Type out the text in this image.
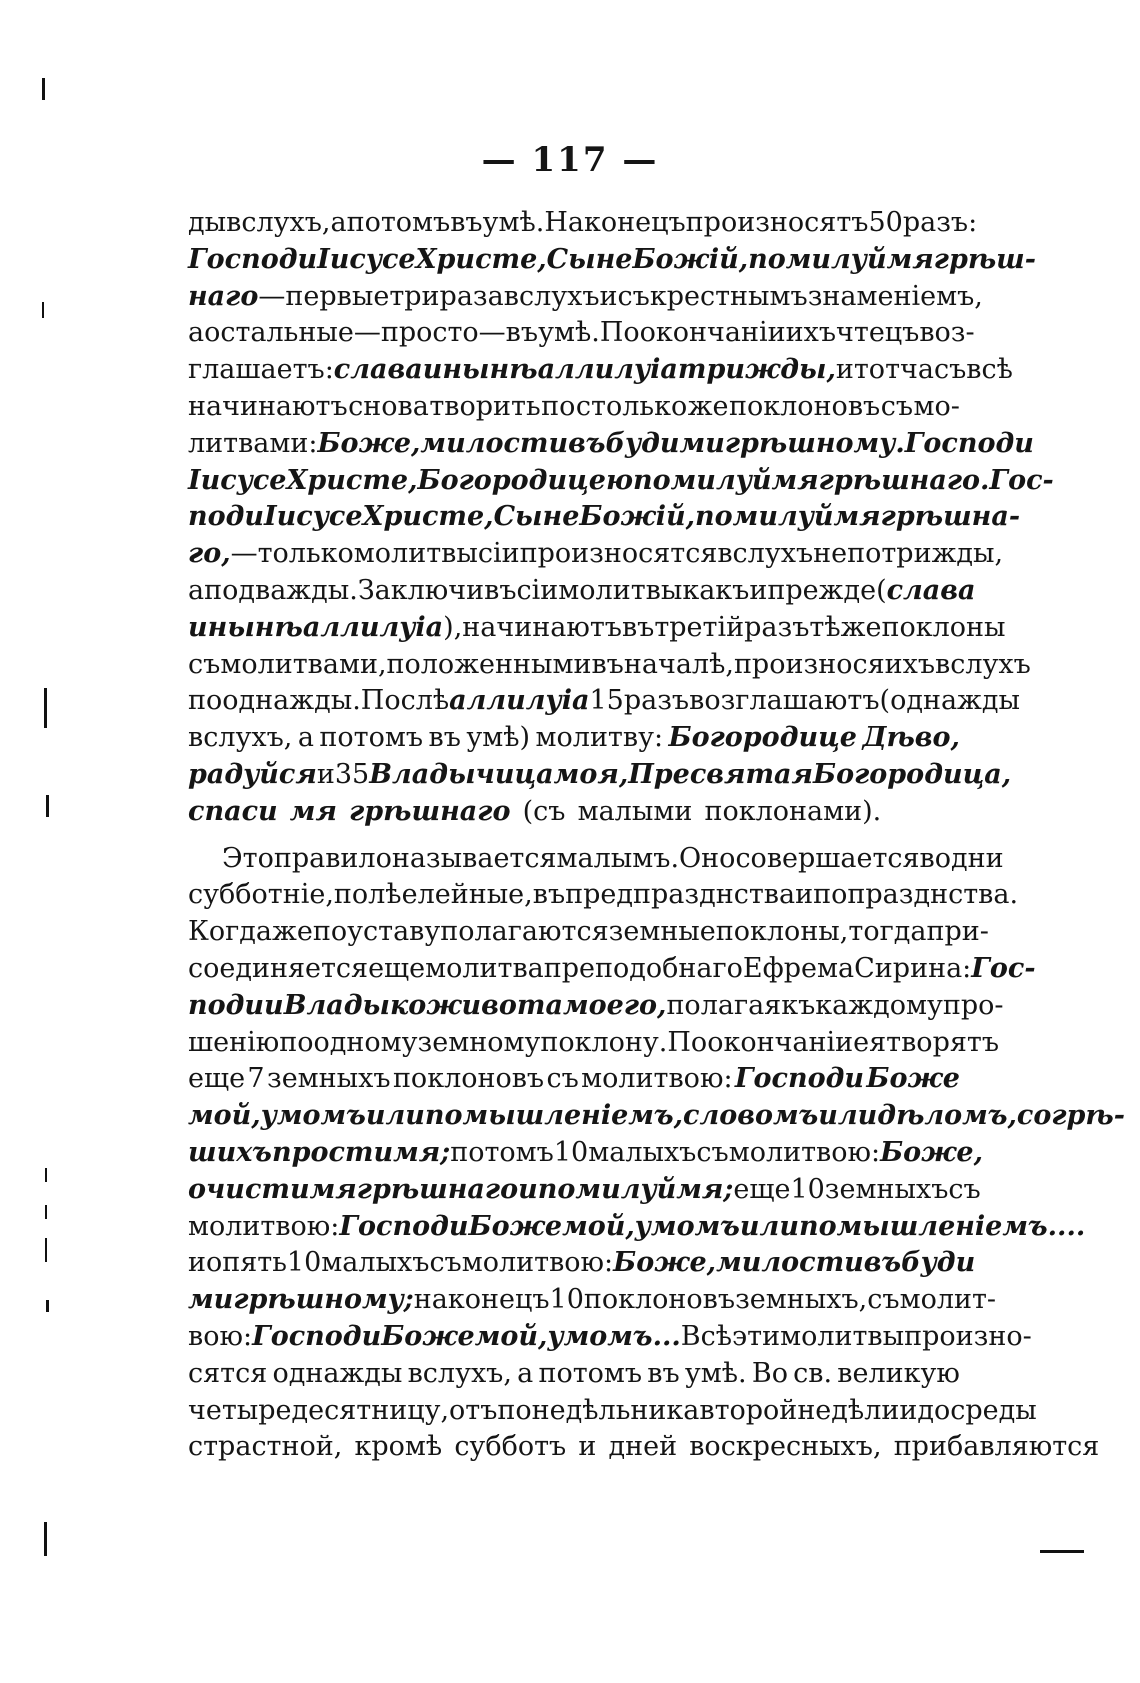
— 117 —
ды вслухъ, а потомъ въ умѣ. Наконецъ произносятъ 50 разъ:
Господи Іисусе Христе, Сыне Божій, помилуй мя грѣш-
наго —первые три раза вслухъ и съ крестнымъ знаменіемъ,
а остальные—просто—въ умѣ. По окончаніи ихъ чтецъ воз-
глашаетъ: слава и нынѣ аллилуіа трижды, и тотчасъ всѣ
начинаютъ снова творить по столько же поклоновъ съ мо-
литвами: Боже, милостивъ буди ми грѣшному. Господи
Іисусе Христе, Богородицею помилуй мя грѣшнаго. Гос-
поди Іисусе Христе, Сыне Божій, помилуй мя грѣшна-
го, —только молитвы сіи произносятся вслухъ не по трижды,
а по дважды. Заключивъ сіи молитвы какъ и прежде ( слава
и нынѣ аллилуіа ), начинаютъ въ третій разъ тѣ же поклоны
съ молитвами, положенными въ началѣ, произнося ихъ вслухъ
по однажды. Послѣ аллилуіа 15 разъ возглашаютъ (однажды
вслухъ, а потомъ въ умѣ) молитву: Богородице Дѣво,
радуйся и 35 Владычица моя, Пресвятая Богородица,
спаси мя грѣшнаго (съ малыми поклонами).
Это правило называется малымъ. Оно совершается во дни
субботніе, полѣелейные, въ предпразднства и попразднства.
Когда же по уставу полагаются земные поклоны, тогда при-
соединяется еще молитва преподобнаго Ефрема Сирина: Гос-
поди и Владыко живота моего, полагая къ каждому про-
шенію по одному земному поклону. По окончаніи ея творятъ
еще 7 земныхъ поклоновъ съ молитвою: Господи Боже
мой, умомъ или помышленіемъ, словомъ или дѣломъ, согрѣ-
шихъ прости мя; потомъ 10 малыхъ съ молитвою: Боже,
очисти мя грѣшнаго и помилуй мя; еще 10 земныхъ съ
молитвою: Господи Боже мой, умомъ или помышленіемъ....
и опять 10 малыхъ съ молитвою: Боже, милостивъ буди
ми грѣшному; наконецъ 10 поклоновъ земныхъ, съ молит-
вою: Господи Боже мой, умомъ... Всѣ эти молитвы произно-
сятся однажды вслухъ, а потомъ въ умѣ. Во св. великую
четыредесятницу, отъ понедѣльника второй недѣли и до среды
страстной, кромѣ субботъ и дней воскресныхъ, прибавляются
